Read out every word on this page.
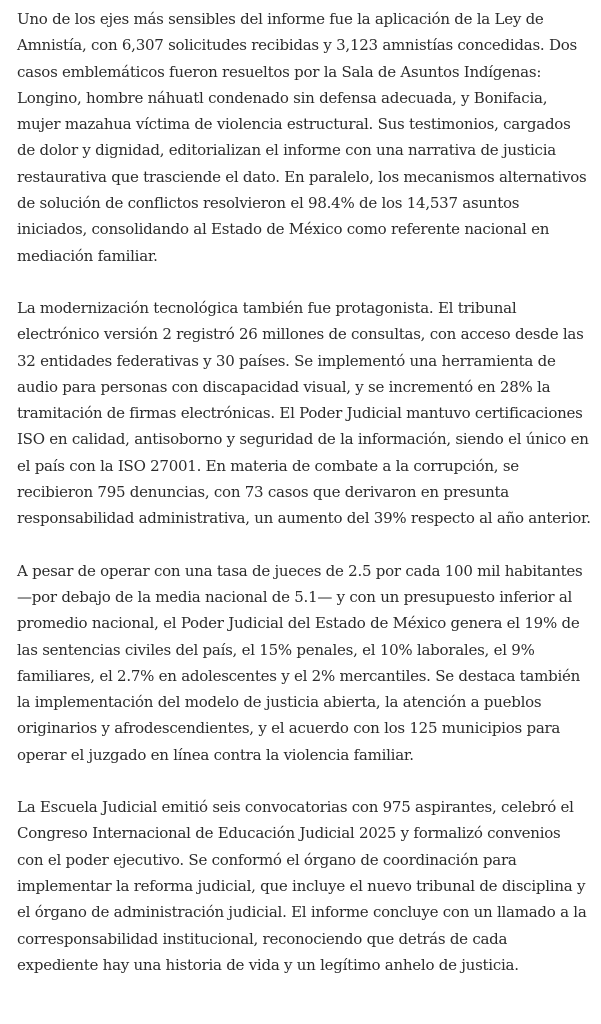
Uno de los ejes más sensibles del informe fue la aplicación de la Ley de Amnistía, con 6,307 solicitudes recibidas y 3,123 amnistías concedidas. Dos casos emblemáticos fueron resueltos por la Sala de Asuntos Indígenas: Longino, hombre náhuatl condenado sin defensa adecuada, y Bonifacia, mujer mazahua víctima de violencia estructural. Sus testimonios, cargados de dolor y dignidad, editorializan el informe con una narrativa de justicia restaurativa que trasciende el dato. En paralelo, los mecanismos alternativos de solución de conflictos resolvieron el 98.4% de los 14,537 asuntos iniciados, consolidando al Estado de México como referente nacional en mediación familiar.

La modernización tecnológica también fue protagonista. El tribunal electrónico versión 2 registró 26 millones de consultas, con acceso desde las 32 entidades federativas y 30 países. Se implementó una herramienta de audio para personas con discapacidad visual, y se incrementó en 28% la tramitación de firmas electrónicas. El Poder Judicial mantuvo certificaciones ISO en calidad, antisoborno y seguridad de la información, siendo el único en el país con la ISO 27001. En materia de combate a la corrupción, se recibieron 795 denuncias, con 73 casos que derivaron en presunta responsabilidad administrativa, un aumento del 39% respecto al año anterior.

A pesar de operar con una tasa de jueces de 2.5 por cada 100 mil habitantes —por debajo de la media nacional de 5.1— y con un presupuesto inferior al promedio nacional, el Poder Judicial del Estado de México genera el 19% de las sentencias civiles del país, el 15% penales, el 10% laborales, el 9% familiares, el 2.7% en adolescentes y el 2% mercantiles. Se destaca también la implementación del modelo de justicia abierta, la atención a pueblos originarios y afrodescendientes, y el acuerdo con los 125 municipios para operar el juzgado en línea contra la violencia familiar.

La Escuela Judicial emitió seis convocatorias con 975 aspirantes, celebró el Congreso Internacional de Educación Judicial 2025 y formalizó convenios con el poder ejecutivo. Se conformó el órgano de coordinación para implementar la reforma judicial, que incluye el nuevo tribunal de disciplina y el órgano de administración judicial. El informe concluye con un llamado a la corresponsabilidad institucional, reconociendo que detrás de cada expediente hay una historia de vida y un legítimo anhelo de justicia.
